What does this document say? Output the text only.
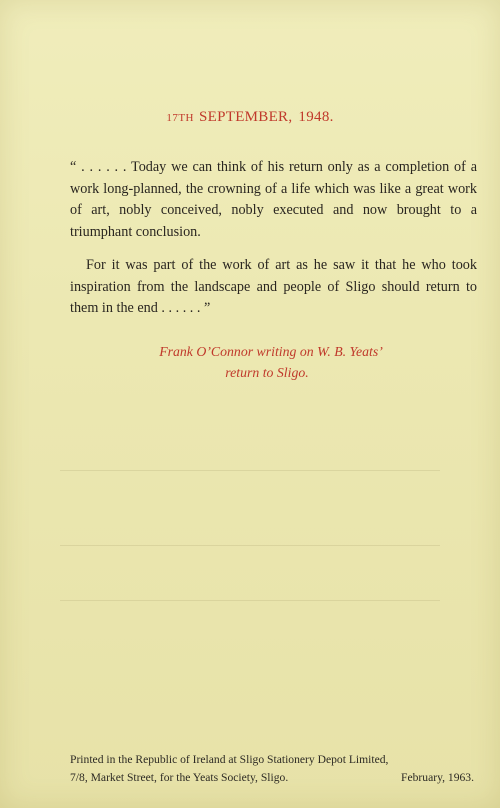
17TH SEPTEMBER, 1948.

“ . . . . . . Today we can think of his return only as a completion of a work long-planned, the crowning of a life which was like a great work of art, nobly conceived, nobly executed and now brought to a triumphant conclusion.

For it was part of the work of art as he saw it that he who took inspiration from the landscape and people of Sligo should return to them in the end . . . . . . ”

Frank O’Connor writing on W. B. Yeats’
return to Sligo.
Printed in the Republic of Ireland at Sligo Stationery Depot Limited,
7/8, Market Street, for the Yeats Society, Sligo.	February, 1963.
